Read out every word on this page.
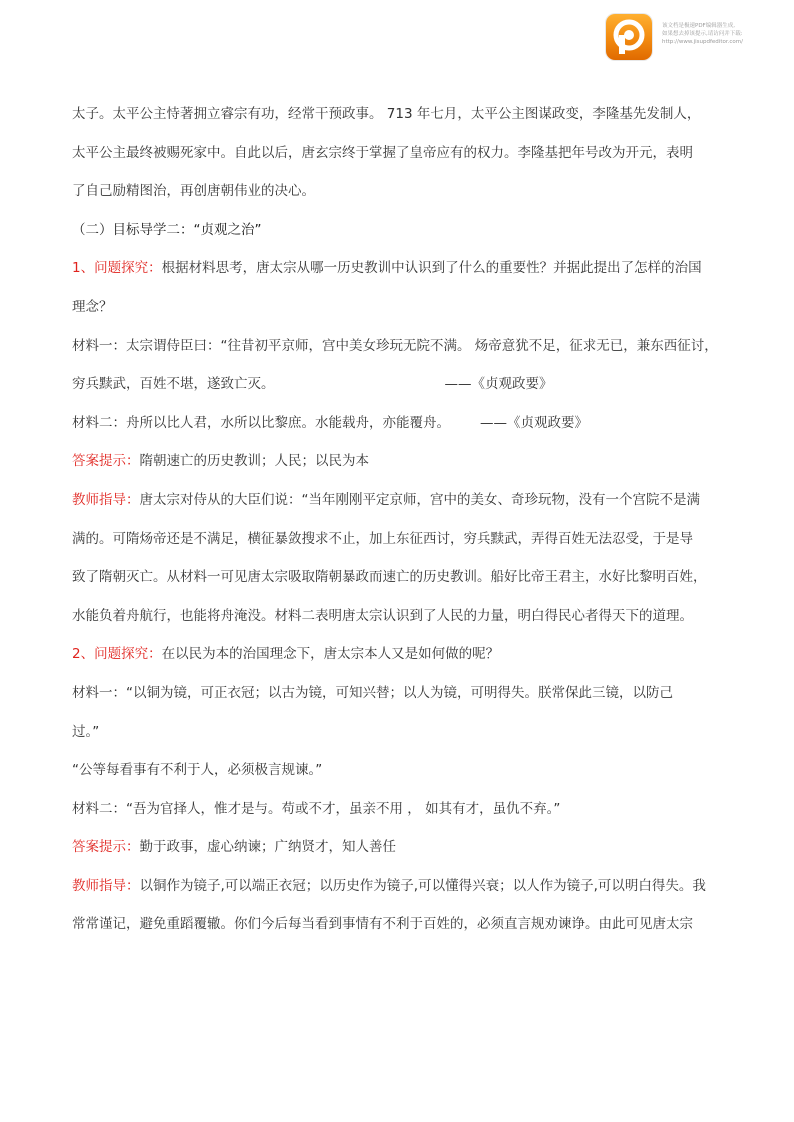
该文档是极速PDF编辑器生成,
如果想去掉该提示,请访问并下载:
http://www.jisupdfeditor.com/
太子。太平公主恃著拥立睿宗有功，经常干预政事。 713 年七月，太平公主图谋政变，李隆基先发制人，
太平公主最终被赐死家中。自此以后，唐玄宗终于掌握了皇帝应有的权力。李隆基把年号改为开元，表明
了自己励精图治，再创唐朝伟业的决心。
（二）目标导学二：“贞观之治”
1、问题探究：根据材料思考，唐太宗从哪一历史教训中认识到了什么的重要性？并据此提出了怎样的治国
理念？
材料一：太宗谓侍臣曰：“往昔初平京师，宫中美女珍玩无院不满。 炀帝意犹不足，征求无已，兼东西征讨，
穷兵黩武，百姓不堪，遂致亡灭。	——《贞观政要》
材料二：舟所以比人君，水所以比黎庶。水能载舟，亦能覆舟。 ——《贞观政要》
答案提示：隋朝速亡的历史教训；人民；以民为本
教师指导：唐太宗对侍从的大臣们说：“当年刚刚平定京师，宫中的美女、奇珍玩物，没有一个宫院不是满
满的。可隋炀帝还是不满足，横征暴敛搜求不止，加上东征西讨，穷兵黩武，弄得百姓无法忍受，于是导
致了隋朝灭亡。从材料一可见唐太宗吸取隋朝暴政而速亡的历史教训。船好比帝王君主，水好比黎明百姓，
水能负着舟航行，也能将舟淹没。材料二表明唐太宗认识到了人民的力量，明白得民心者得天下的道理。
2、问题探究：在以民为本的治国理念下，唐太宗本人又是如何做的呢？
材料一：“以铜为镜，可正衣冠；以古为镜，可知兴替；以人为镜，可明得失。朕常保此三镜，以防己
过。”
“公等每看事有不利于人，必须极言规谏。”
材料二：“吾为官择人，惟才是与。苟或不才，虽亲不用 ， 如其有才，虽仇不弃。”
答案提示：勤于政事，虚心纳谏；广纳贤才，知人善任
教师指导：以铜作为镜子,可以端正衣冠；以历史作为镜子,可以懂得兴衰；以人作为镜子,可以明白得失。我
常常谨记，避免重蹈覆辙。你们今后每当看到事情有不利于百姓的，必须直言规劝谏诤。由此可见唐太宗
